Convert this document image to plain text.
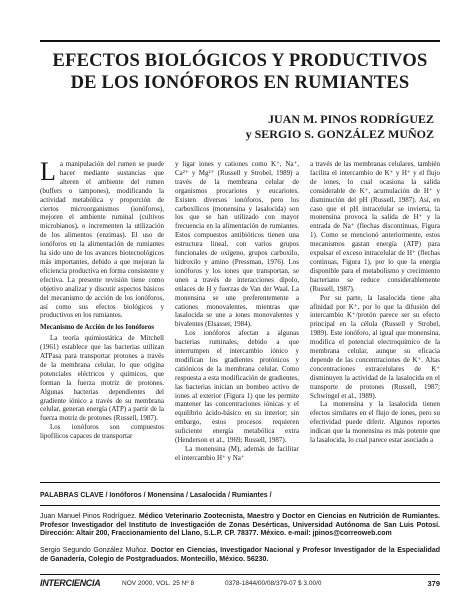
EFECTOS BIOLÓGICOS Y PRODUCTIVOS
DE LOS IONÓFOROS EN RUMIANTES
JUAN M. PINOS RODRÍGUEZ
y SERGIO S. GONZÁLEZ MUÑOZ

La manipulación del rumen se puede hacer mediante sustancias que alteren el ambiente del rumen (buffers o tampones), modificando la actividad metabólica y proporción de ciertos microorganismos (ionóforos), mejoren el ambiente ruminal (cultivos microbianos), o incrementen la utilización de los alimentos (enzimas). El uso de ionóforos en la alimentación de rumiantes ha sido uno de los avances biotecnológicos más importantes, debido a que mejoran la eficiencia productiva en forma consistente y efectiva. La presente revisión tiene como objetivo analizar y discutir aspectos básicos del mecanismo de acción de los ionóforos, así como sus efectos biológicos y productivos en los rumiantes.

Mecanismo de Acción de los Ionóforos

La teoría quimiostática de Mitchell (1961) establece que las bacterias utilizan ATPasa para transportar protones a través de la membrana celular, lo que origina potenciales eléctricos y químicos, que forman la fuerza motriz de protones. Algunas bacterias dependientes del gradiente iónico a través de su membrana celular, generan energía (ATP) a partir de la fuerza motriz de protones (Russell, 1987).

Los ionóforos son compuestos lipofílicos capaces de transportar

y ligar iones y cationes como K⁺, Na⁺, Ca²⁺ y Mg²⁺ (Russell y Strobel, 1989) a través de la membrana celular de organismos procariotes y eucariotes. Existen diversos ionóforos, pero los carboxílicos (monensina y lasalocida) son los que se han utilizado con mayor frecuencia en la alimentación de rumiantes. Estos compuestos antibióticos tienen una estructura lineal, con varios grupos funcionales de oxígeno, grupos carboxilo, hidroxilo y amino (Pressman, 1976). Los ionóforos y los iones que transportan, se unen a través de interacciones dipolo, enlaces de H y fuerzas de Van der Waal. La monensina se une preferentemente a cationes monovalentes, mientras que lasalocida se une a iones monovalentes y bivalentes (Elsasser, 1984).

Los ionóforos afectan a algunas bacterias ruminales, debido a que interrumpen el intercambio iónico y modifican los gradientes protónicos y catiónicos de la membrana celular. Como respuesta a esta modificación de gradientes, las bacterias inician un bombeo activo de iones al exterior (Figura 1) que les permite mantener las concentraciones iónicas y el equilibrio ácido-básico en su interior; sin embargo, estos procesos requieren suficiente energía metabólica extra (Henderson et al., 1969; Russell, 1987).

La monensina (M), además de facilitar el intercambio H⁺ y Na⁺

a través de las membranas celulares, también facilita el intercambio de K⁺ y H⁺ y el flujo de iones, lo cual ocasiona la salida considerable de K⁺, acumulación de H⁺ y disminución del pH (Russell, 1987). Así, en caso que el pH intracelular se invierta, la monensina provoca la salida de H⁺ y la entrada de Na⁺ (flechas discontinuas, Figura 1). Como se mencionó anteriormente, estos mecanismos gastan energía (ATP) para expulsar el exceso intracelular de H⁺ (flechas continuas, Figura 1), por lo que la energía disponible para el metabolismo y crecimiento bacteriano se reduce considerablemente (Russell, 1987).

Por su parte, la lasalocida tiene alta afinidad por K⁺, por lo que la difusión del intercambio K⁺/protón parece ser su efecto principal en la célula (Russell y Strobel, 1989). Este ionóforo, al igual que monensina, modifica el potencial electroquímico de la membrana celular, aunque su eficacia depende de las concentraciones de K⁺. Altas concentraciones extracelulares de K⁺ disminuyen la actividad de la lasalocida en el transporte de protones (Russell, 1987; Schwingel et al., 1989).

La monensina y la lasalocida tienen efectos similares en el flujo de iones, pero su efectividad puede diferir. Algunos reportes indican que la monensina es más potente que la lasalocida, lo cual parece estar asociado a

PALABRAS CLAVE / Ionóforos / Monensina / Lasalocida / Rumiantes /
Juan Manuel Pinos Rodríguez. Médico Veterinario Zootecnista, Maestro y Doctor en Ciencias en Nutrición de Rumiantes. Profesor Investigador del Instituto de Investigación de Zonas Desérticas, Universidad Autónoma de San Luis Potosí. Dirección: Altair 200, Fraccionamiento del Llano, S.L.P. CP. 78377. México. e-mail: jpinos@correoweb.com
Sergio Segundo González Muñoz. Doctor en Ciencias, Investigador Nacional y Profesor Investigador de la Especialidad de Ganadería, Colegio de Postgraduados. Montecillo, México. 56230.
INTERCIENCIA	NOV 2000, VOL. 25 Nº 8	0378-1844/00/08/379-07 $ 3.00/0	379
